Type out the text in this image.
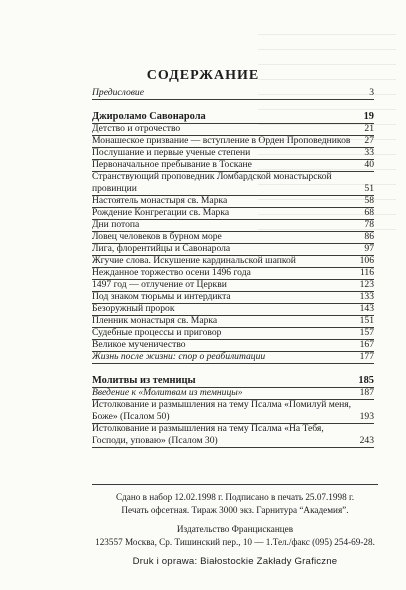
СОДЕРЖАНИЕ
Предисловие	3
Джироламо Савонарола	19
Детство и отрочество	21
Монашеское призвание — вступление в Орден Проповедников	27
Послушание и первые ученые степени	33
Первоначальное пребывание в Тоскане	40
Странствующий проповедник Ломбардской монастырской провинции	51
Настоятель монастыря св. Марка	58
Рождение Конгрегации св. Марка	68
Дни потопа	78
Ловец человеков в бурном море	86
Лига, флорентийцы и Савонарола	97
Жгучие слова. Искушение кардинальской шапкой	106
Нежданное торжество осени 1496 года	116
1497 год — отлучение от Церкви	123
Под знаком тюрьмы и интердикта	133
Безоружный пророк	143
Пленник монастыря св. Марка	151
Судебные процессы и приговор	157
Великое мученичество	167
Жизнь после жизни: спор о реабилитации	177
Молитвы из темницы	185
Введение к «Молитвам из темницы»	187
Истолкование и размышления на тему Псалма «Помилуй меня, Боже» (Псалом 50)	193
Истолкование и размышления на тему Псалма «На Тебя, Господи, уповаю» (Псалом 30)	243
Сдано в набор 12.02.1998 г. Подписано в печать 25.07.1998 г.
Печать офсетная. Тираж 3000 экз. Гарнитура “Академия”.
Издательство Францисканцев
123557 Москва, Ср. Тишинский пер., 10 — 1.Тел./факс (095) 254-69-28.
Druk i oprawa: Białostockie Zakłady Graficzne
